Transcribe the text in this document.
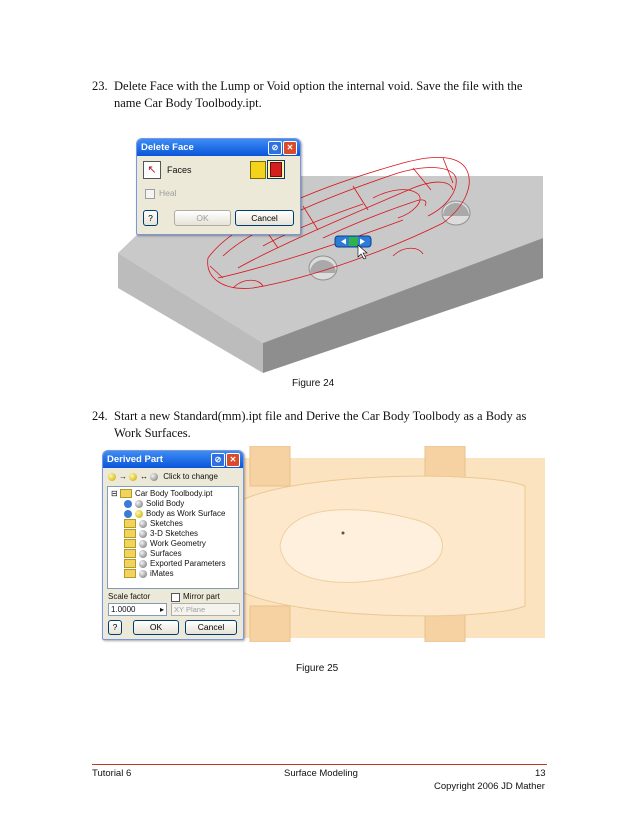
23. Delete Face with the Lump or Void option the internal void. Save the file with the name Car Body Toolbody.ipt.
Delete Face	⊘	✕
↖	Faces
Heal
?	OK	Cancel
Figure 24
24. Start a new Standard(mm).ipt file and Derive the Car Body Toolbody as a Body as Work Surfaces.
Derived Part	⊘	✕
→ ↔ Click to change
⊟ Car Body Toolbody.ipt
Solid Body
Body as Work Surface
Sketches
3-D Sketches
Work Geometry
Surfaces
Exported Parameters
iMates
Scale factor	Mirror part
1.0000	▸	XY Plane	⌄
?	OK	Cancel
Figure 25
Tutorial 6	Surface Modeling	13
Copyright 2006 JD Mather
